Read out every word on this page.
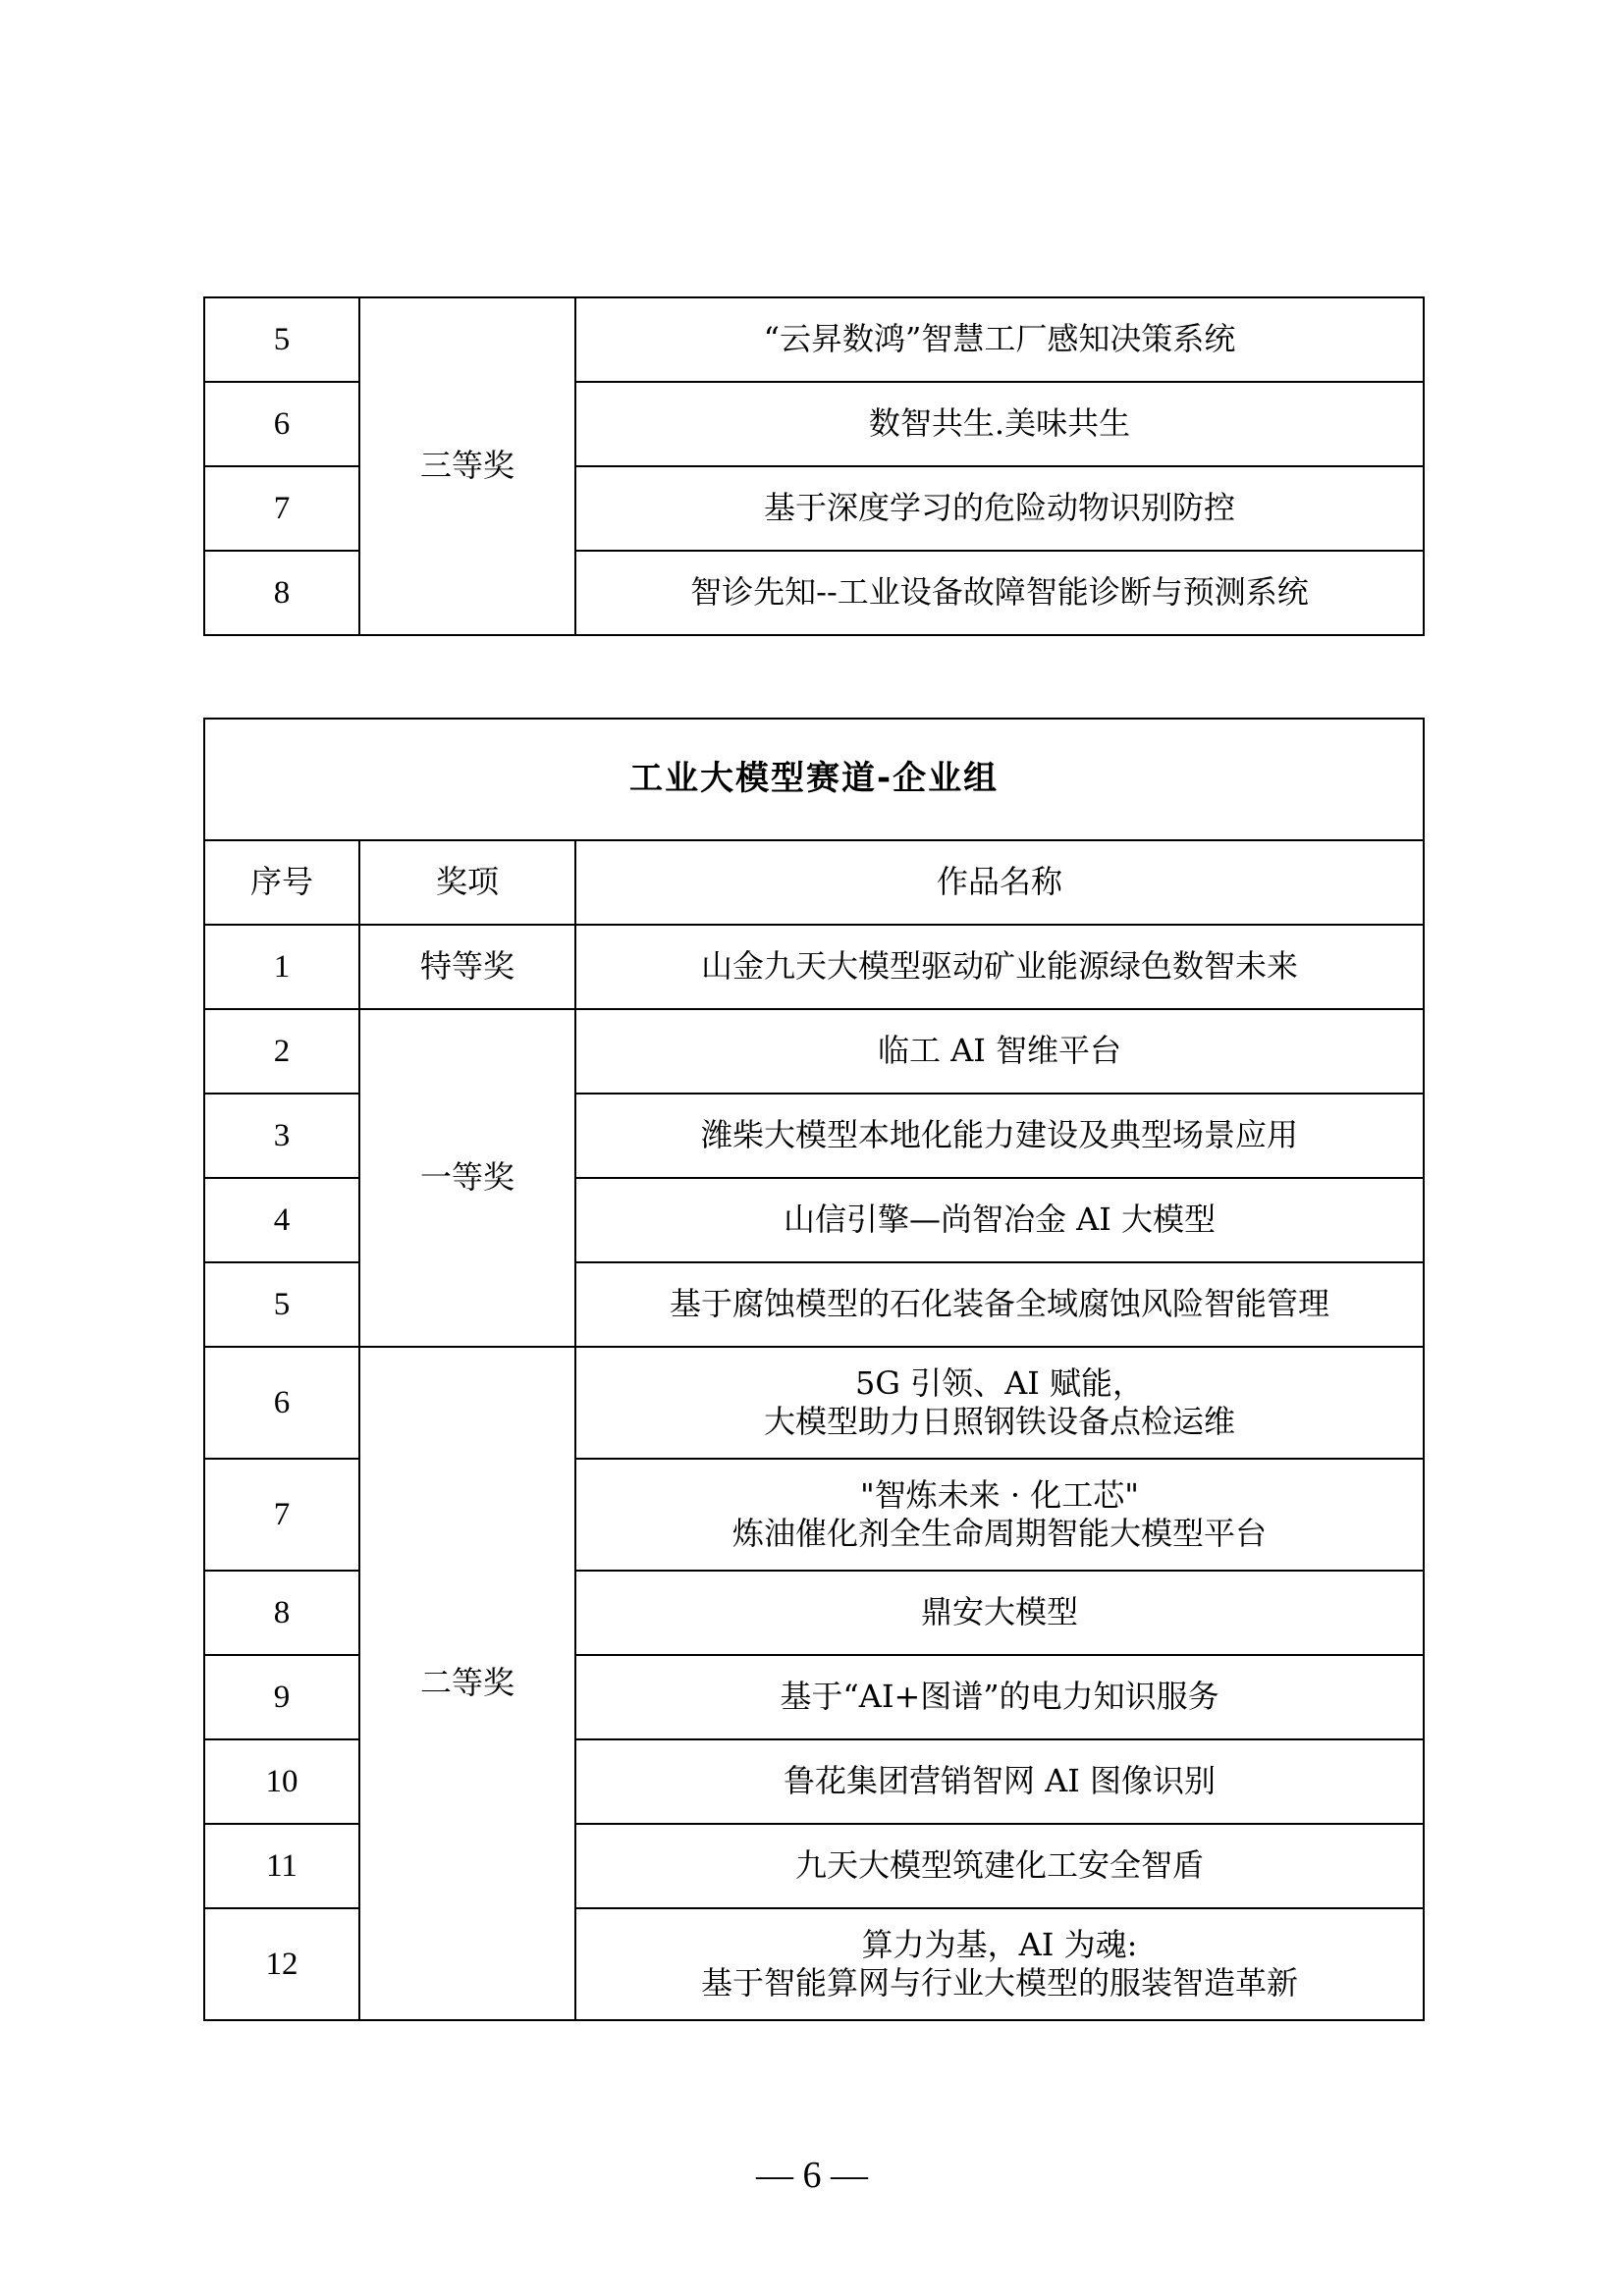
5	三等奖	“云昇数鸿”智慧工厂感知决策系统
6		数智共生.美味共生
7		基于深度学习的危险动物识别防控
8		智诊先知--工业设备故障智能诊断与预测系统
工业大模型赛道-企业组		
序号	奖项	作品名称
1	特等奖	山金九天大模型驱动矿业能源绿色数智未来
2	一等奖	临工 AI 智维平台
3		潍柴大模型本地化能力建设及典型场景应用
4		山信引擎—尚智冶金 AI 大模型
5		基于腐蚀模型的石化装备全域腐蚀风险智能管理
6	二等奖	5G 引领、AI 赋能，
大模型助力日照钢铁设备点检运维

7		"智炼未来 · 化工芯"
炼油催化剂全生命周期智能大模型平台

8		鼎安大模型
9		基于“AI+图谱”的电力知识服务
10		鲁花集团营销智网 AI 图像识别
11		九天大模型筑建化工安全智盾
12		算力为基，AI 为魂:
基于智能算网与行业大模型的服装智造革新
— 6 —
